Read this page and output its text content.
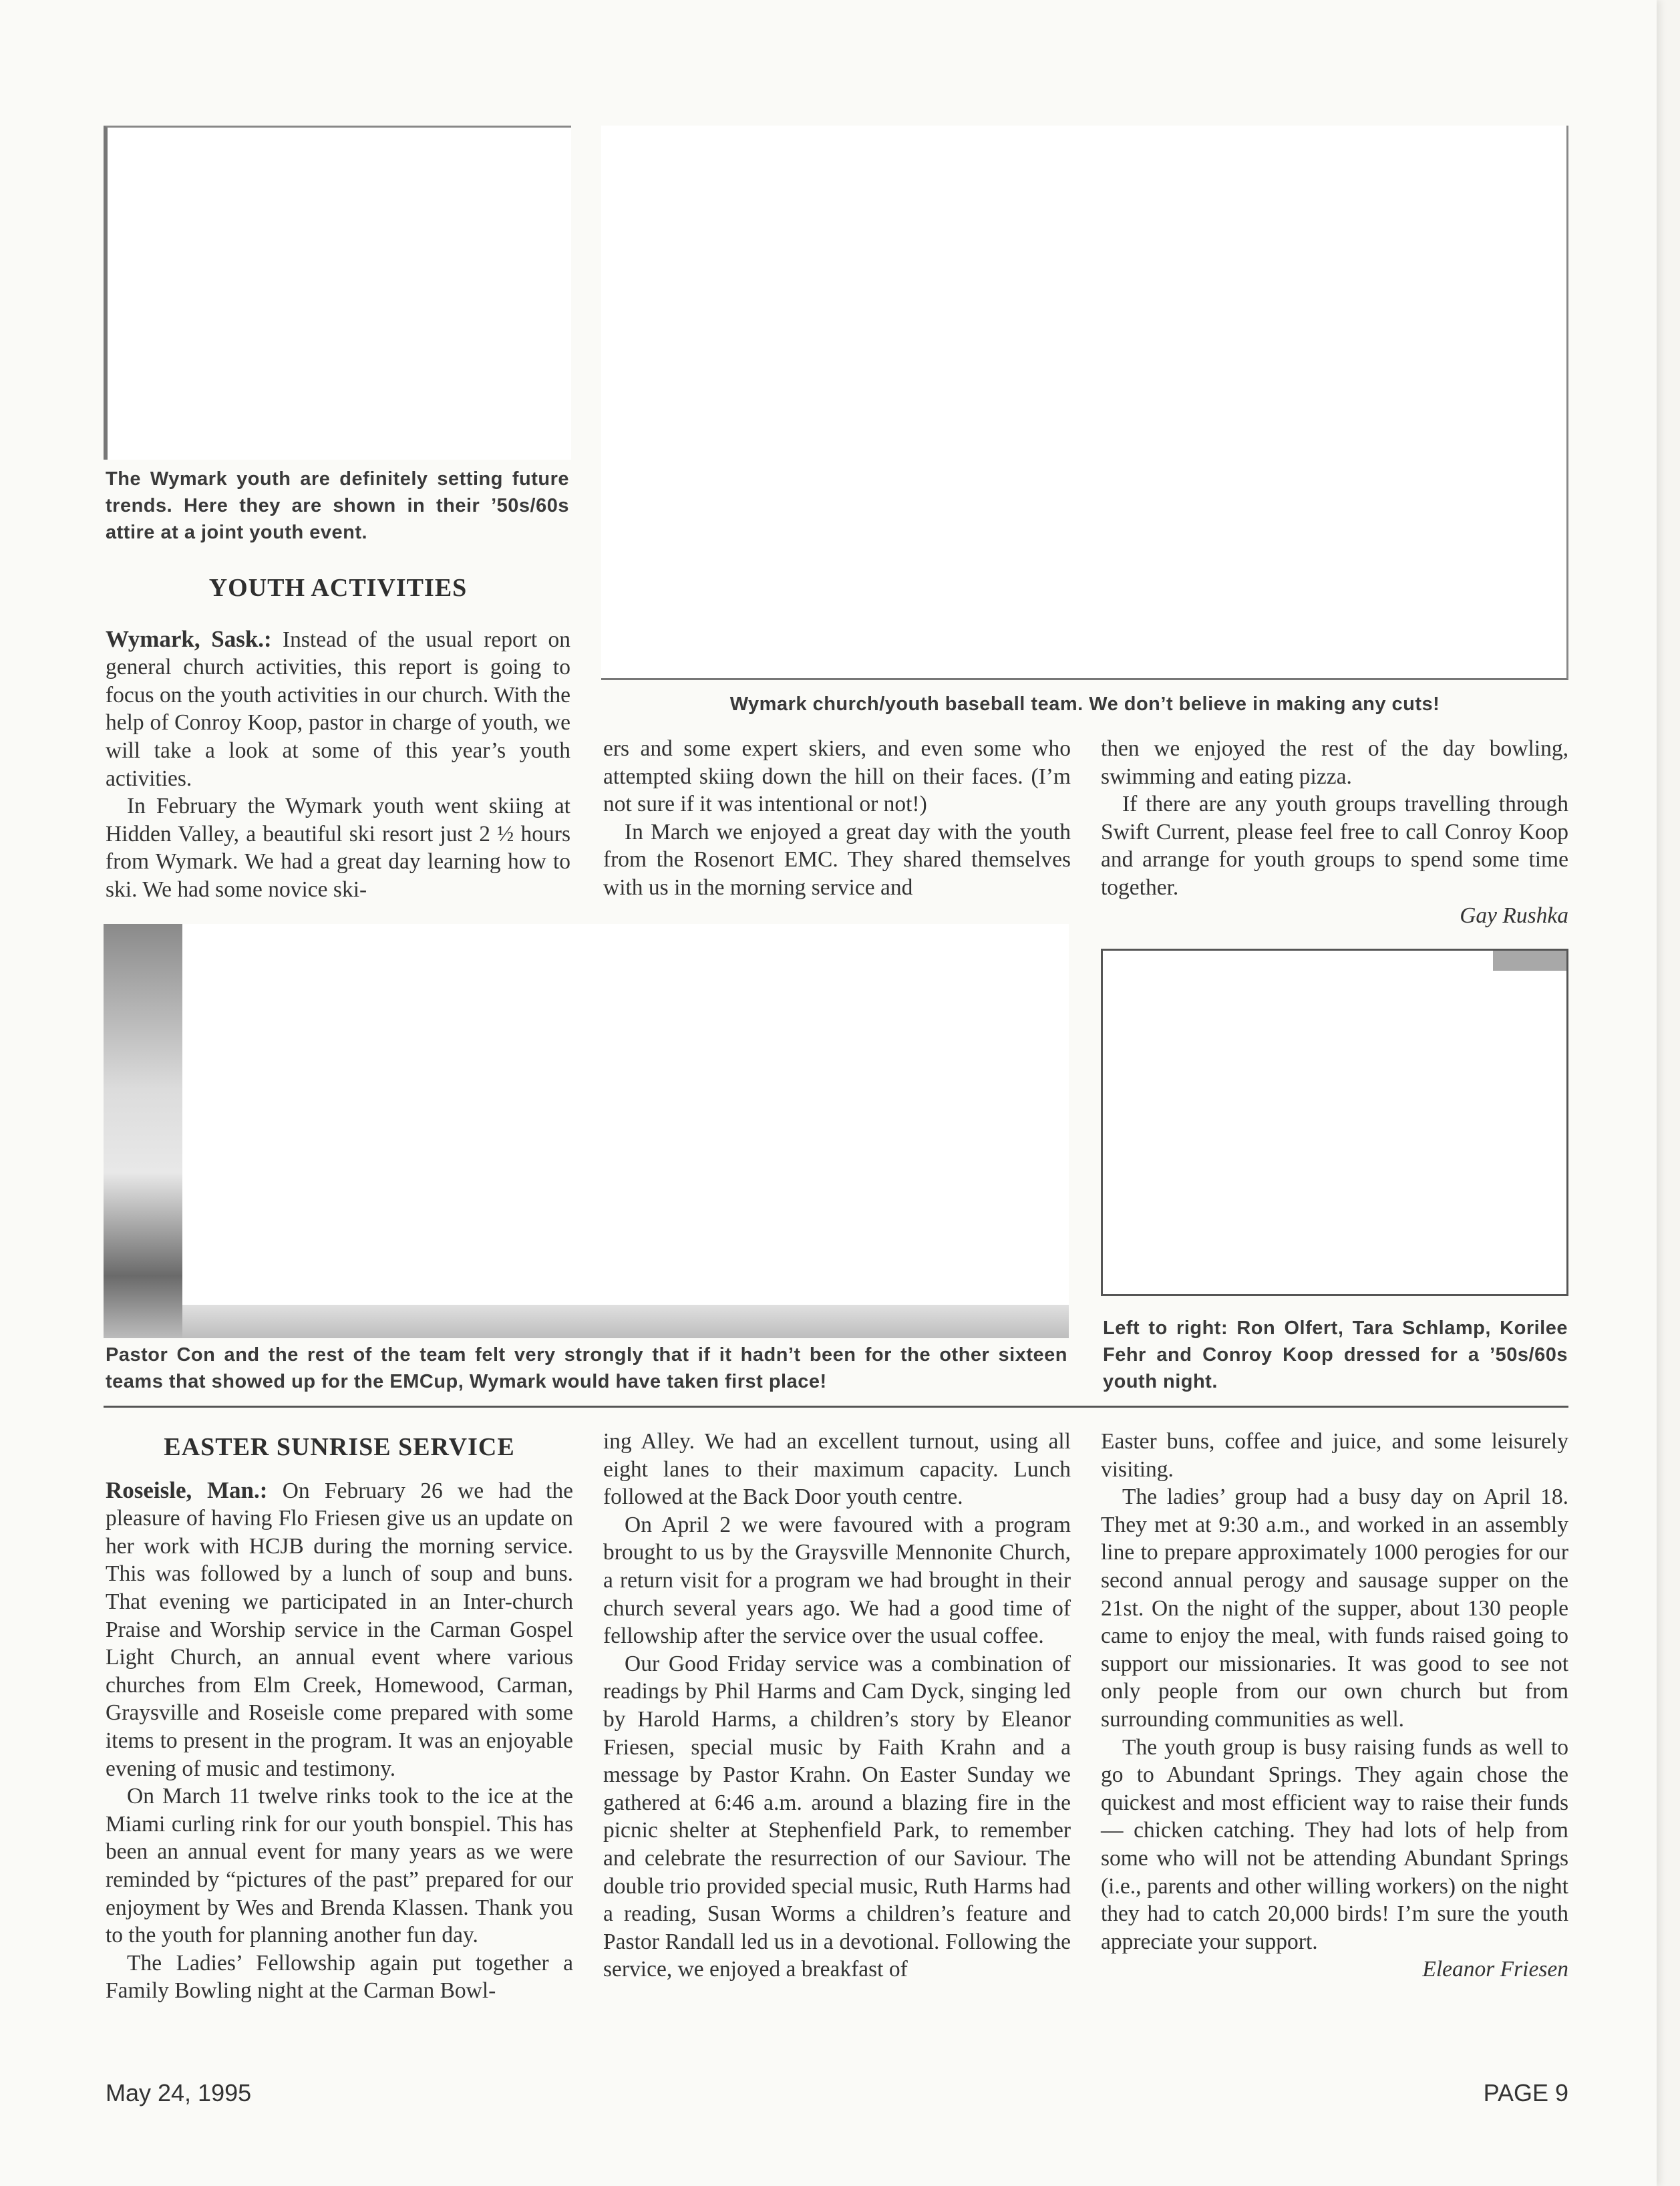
The Wymark youth are definitely setting future trends. Here they are shown in their ’50s/60s attire at a joint youth event.
Wymark church/youth baseball team. We don’t believe in making any cuts!
YOUTH ACTIVITIES

Wymark, Sask.: Instead of the usual report on general church activities, this report is going to focus on the youth activities in our church. With the help of Conroy Koop, pastor in charge of youth, we will take a look at some of this year’s youth activities.

In February the Wymark youth went skiing at Hidden Valley, a beautiful ski resort just 2 ½ hours from Wymark. We had a great day learning how to ski. We had some novice ski-

ers and some expert skiers, and even some who attempted skiing down the hill on their faces. (I’m not sure if it was intentional or not!)

In March we enjoyed a great day with the youth from the Rosenort EMC. They shared themselves with us in the morning service and

then we enjoyed the rest of the day bowling, swimming and eating pizza.

If there are any youth groups travelling through Swift Current, please feel free to call Conroy Koop and arrange for youth groups to spend some time together.

Gay Rushka

Pastor Con and the rest of the team felt very strongly that if it hadn’t been for the other sixteen teams that showed up for the EMCup, Wymark would have taken first place!
Left to right: Ron Olfert, Tara Schlamp, Korilee Fehr and Conroy Koop dressed for a ’50s/60s youth night.
EASTER SUNRISE SERVICE

Roseisle, Man.: On February 26 we had the pleasure of having Flo Friesen give us an update on her work with HCJB during the morning service. This was followed by a lunch of soup and buns. That evening we participated in an Inter-church Praise and Worship service in the Carman Gospel Light Church, an annual event where various churches from Elm Creek, Homewood, Carman, Graysville and Roseisle come prepared with some items to present in the program. It was an enjoyable evening of music and testimony.

On March 11 twelve rinks took to the ice at the Miami curling rink for our youth bonspiel. This has been an annual event for many years as we were reminded by “pictures of the past” prepared for our enjoyment by Wes and Brenda Klassen. Thank you to the youth for planning another fun day.

The Ladies’ Fellowship again put together a Family Bowling night at the Carman Bowl-

ing Alley. We had an excellent turnout, using all eight lanes to their maximum capacity. Lunch followed at the Back Door youth centre.

On April 2 we were favoured with a program brought to us by the Graysville Mennonite Church, a return visit for a program we had brought in their church several years ago. We had a good time of fellowship after the service over the usual coffee.

Our Good Friday service was a combination of readings by Phil Harms and Cam Dyck, singing led by Harold Harms, a children’s story by Eleanor Friesen, special music by Faith Krahn and a message by Pastor Krahn. On Easter Sunday we gathered at 6:46 a.m. around a blazing fire in the picnic shelter at Stephenfield Park, to remember and celebrate the resurrection of our Saviour. The double trio provided special music, Ruth Harms had a reading, Susan Worms a children’s feature and Pastor Randall led us in a devotional. Following the service, we enjoyed a breakfast of

Easter buns, coffee and juice, and some leisurely visiting.

The ladies’ group had a busy day on April 18. They met at 9:30 a.m., and worked in an assembly line to prepare approximately 1000 perogies for our second annual perogy and sausage supper on the 21st. On the night of the supper, about 130 people came to enjoy the meal, with funds raised going to support our missionaries. It was good to see not only people from our own church but from surrounding communities as well.

The youth group is busy raising funds as well to go to Abundant Springs. They again chose the quickest and most efficient way to raise their funds — chicken catching. They had lots of help from some who will not be attending Abundant Springs (i.e., parents and other willing workers) on the night they had to catch 20,000 birds! I’m sure the youth appreciate your support.

Eleanor Friesen

May 24, 1995	PAGE 9
